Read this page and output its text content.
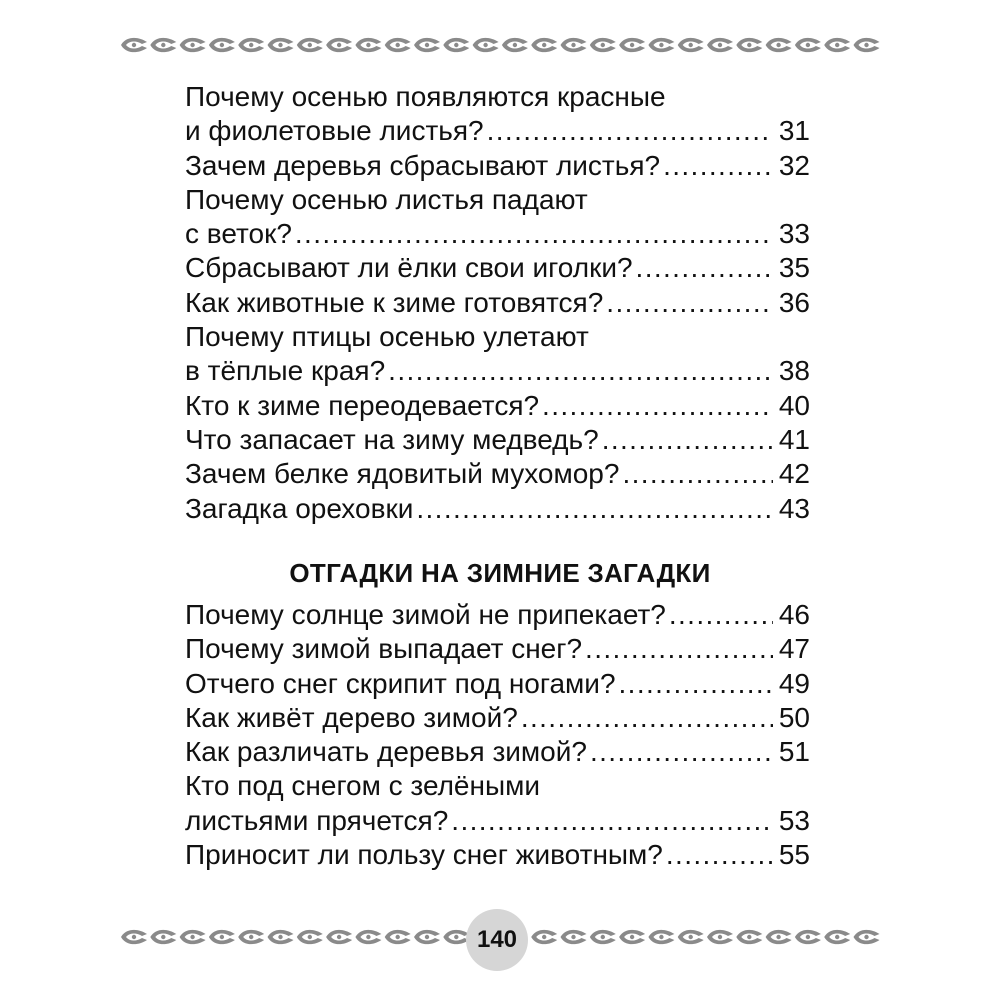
Почему осенью появляются красные
и фиолетовые листья? . . .	31
Зачем деревья сбрасывают листья? . . .	32
Почему осенью листья падают
с веток? . . .	33
Сбрасывают ли ёлки свои иголки? . . .	35
Как животные к зиме готовятся? . . .	36
Почему птицы осенью улетают
в тёплые края? . . .	38
Кто к зиме переодевается? . . .	40
Что запасает на зиму медведь? . . .	41
Зачем белке ядовитый мухомор? . . .	42
Загадка ореховки . . .	43
ОТГАДКИ НА ЗИМНИЕ ЗАГАДКИ
Почему солнце зимой не припекает? . . .	46
Почему зимой выпадает снег? . . .	47
Отчего снег скрипит под ногами? . . .	49
Как живёт дерево зимой? . . .	50
Как различать деревья зимой? . . .	51
Кто под снегом с зелёными
листьями прячется? . . .	53
Приносит ли пользу снег животным? . . .	55
140
